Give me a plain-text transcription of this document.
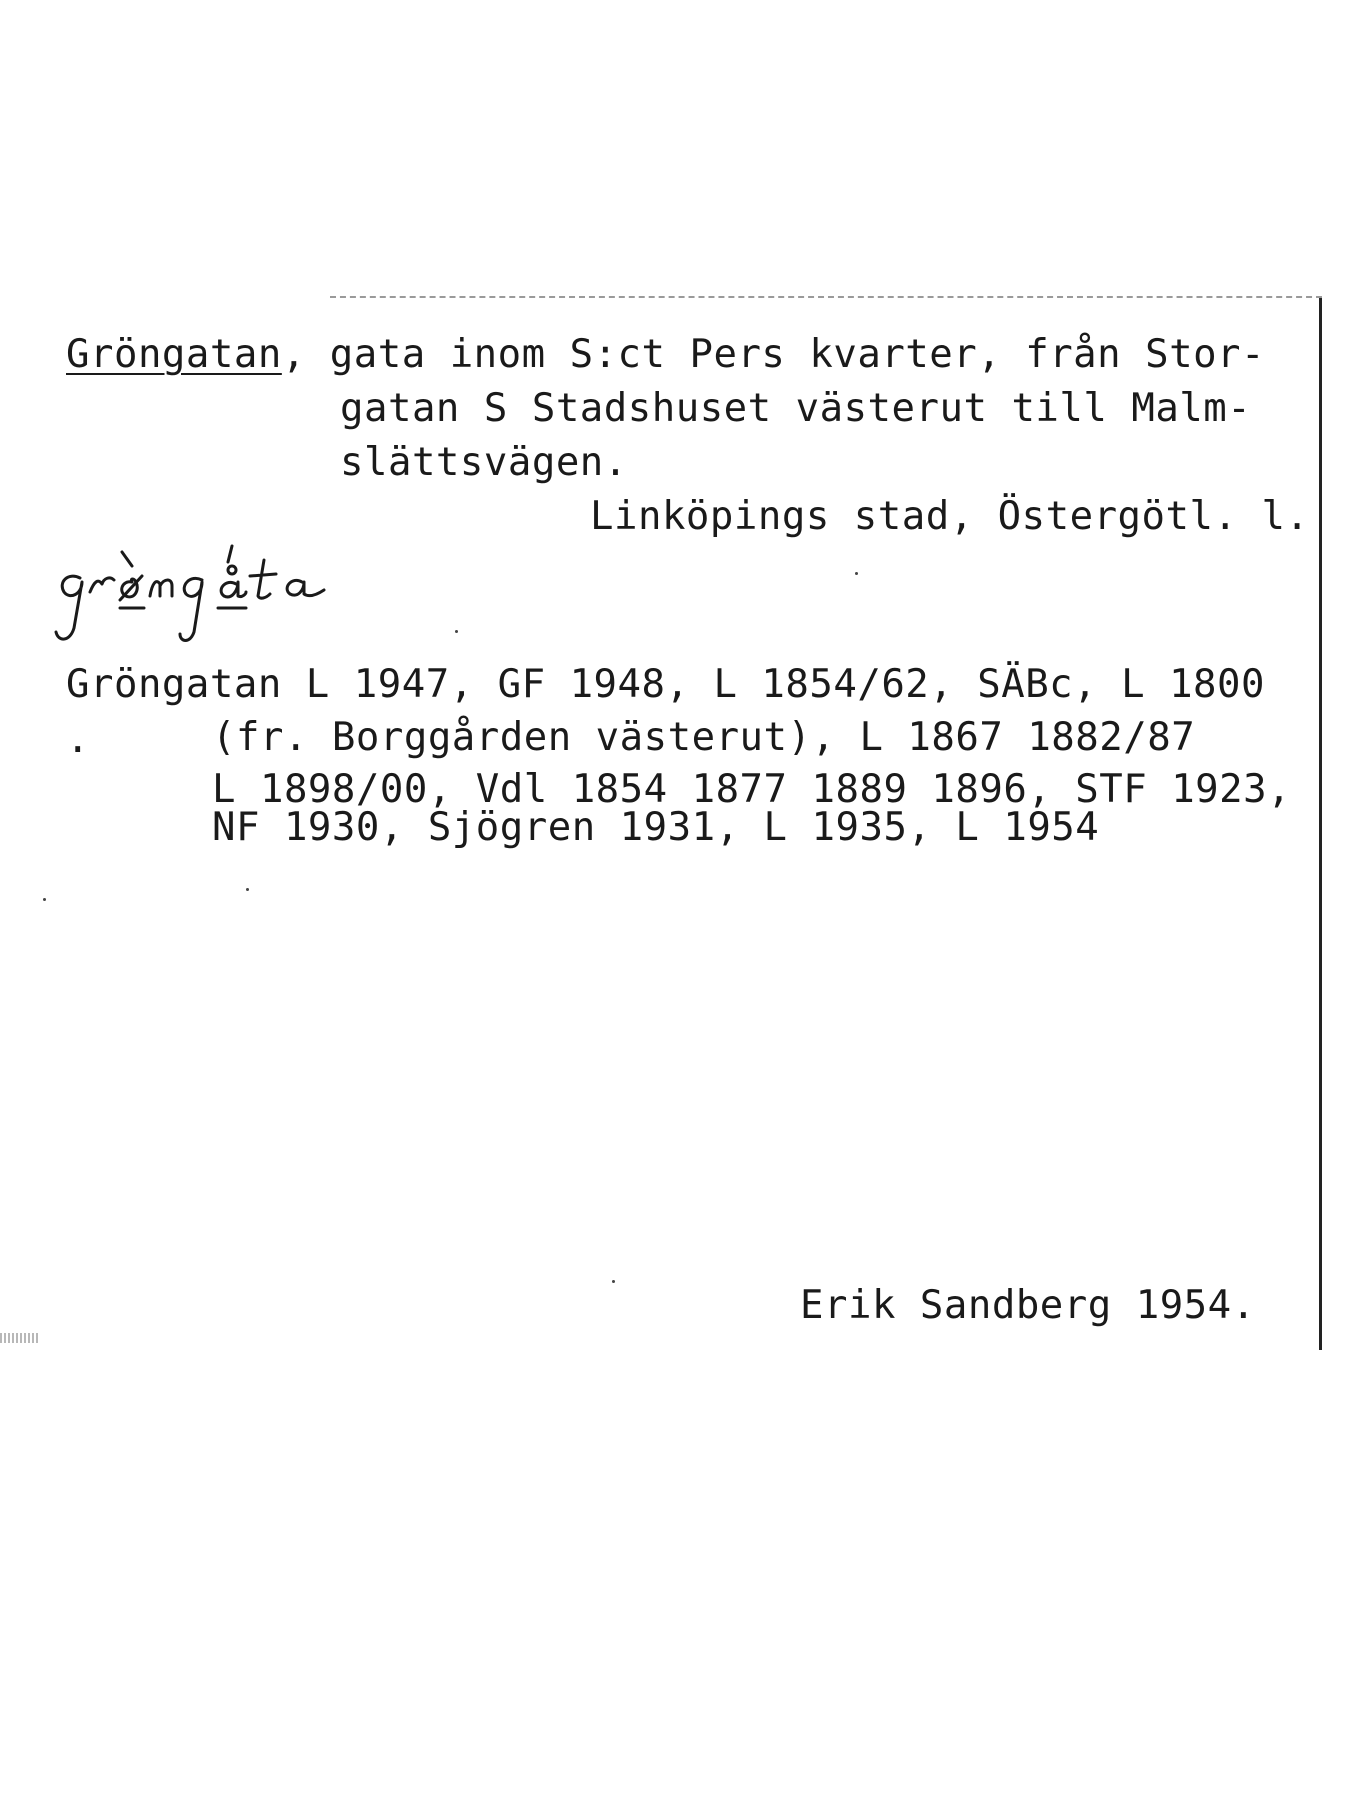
Gröngatan, gata inom S:ct Pers kvarter, från Stor-
gatan S Stadshuset västerut till Malm-
slättsvägen.
Linköpings stad, Östergötl. l.
Gröngatan L 1947, GF 1948, L 1854/62, SÄBc, L 1800
.	(fr. Borggården västerut), L 1867 1882/87
L 1898/00, Vdl 1854 1877 1889 1896, STF 1923,
NF 1930, Sjögren 1931, L 1935, L 1954
Erik Sandberg 1954.
